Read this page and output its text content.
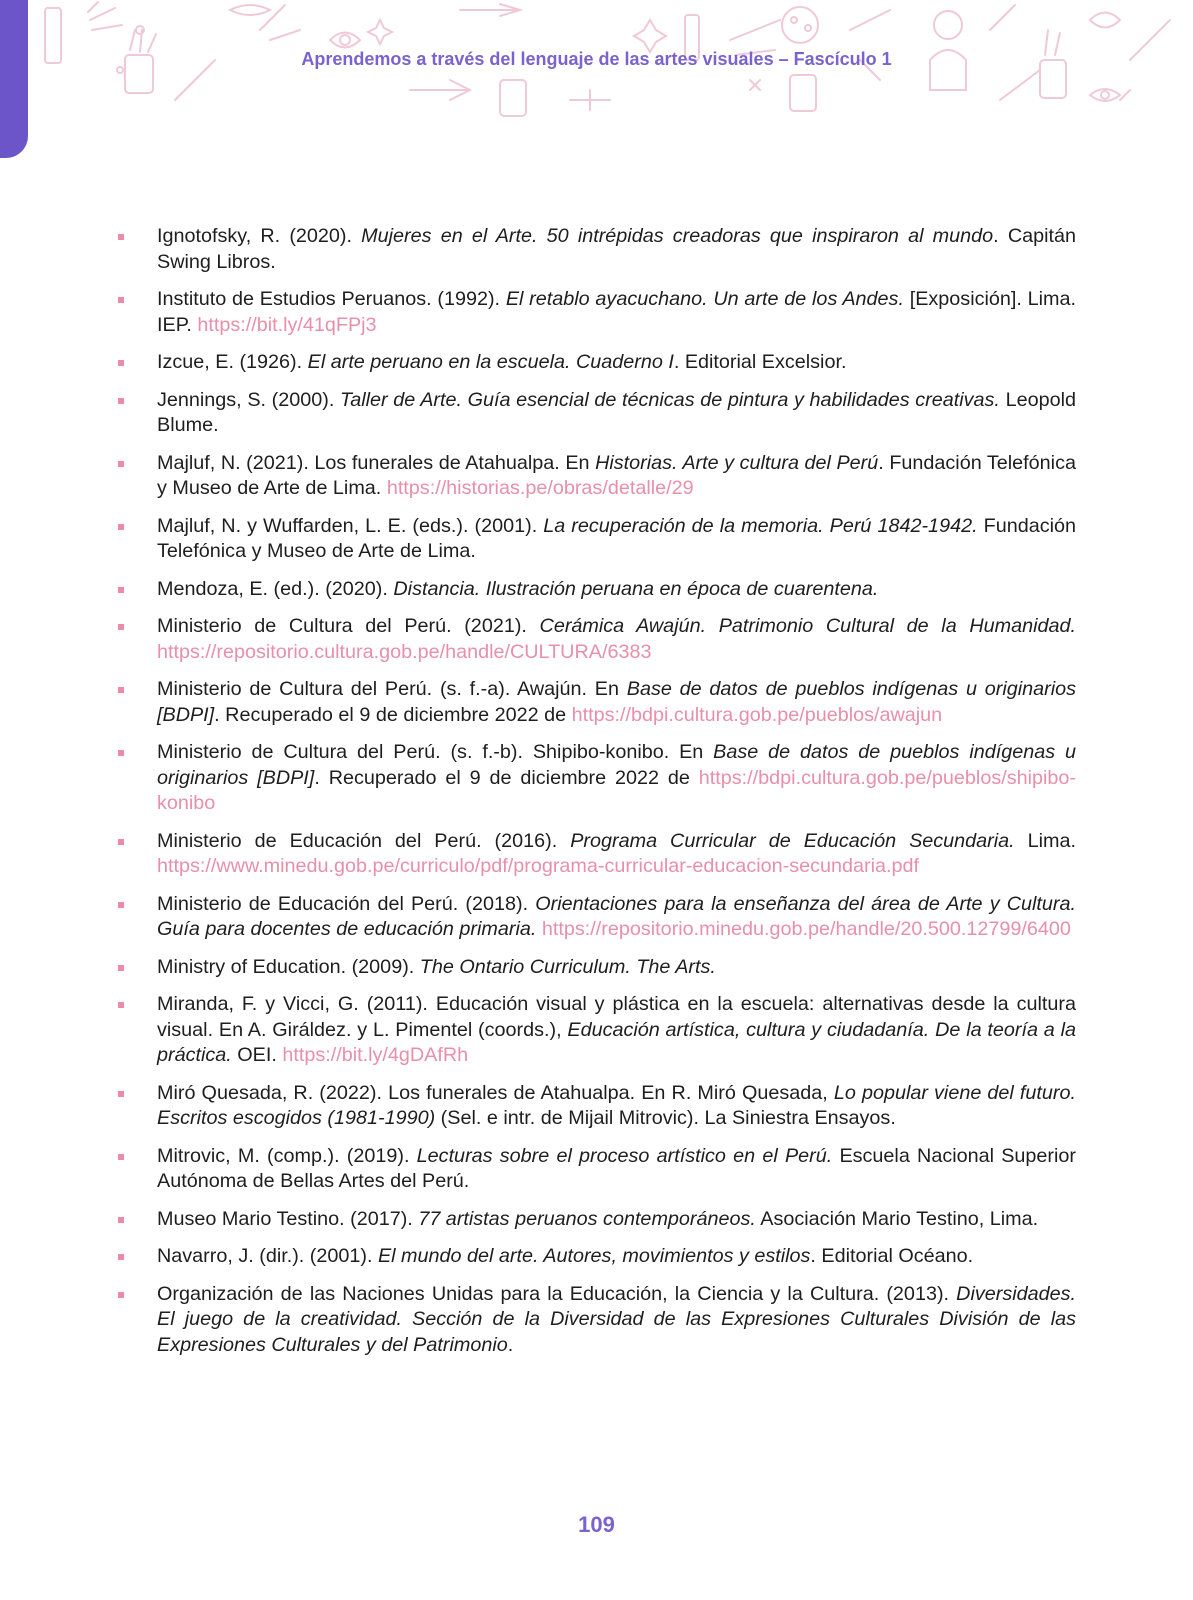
Aprendemos a través del lenguaje de las artes visuales – Fascículo 1
Ignotofsky, R. (2020). Mujeres en el Arte. 50 intrépidas creadoras que inspiraron al mundo. Capitán Swing Libros.
Instituto de Estudios Peruanos. (1992). El retablo ayacuchano. Un arte de los Andes. [Exposición]. Lima. IEP. https://bit.ly/41qFPj3
Izcue, E. (1926). El arte peruano en la escuela. Cuaderno I. Editorial Excelsior.
Jennings, S. (2000). Taller de Arte. Guía esencial de técnicas de pintura y habilidades creativas. Leopold Blume.
Majluf, N. (2021). Los funerales de Atahualpa. En Historias. Arte y cultura del Perú. Fundación Telefónica y Museo de Arte de Lima. https://historias.pe/obras/detalle/29
Majluf, N. y Wuffarden, L. E. (eds.). (2001). La recuperación de la memoria. Perú 1842-1942. Fundación Telefónica y Museo de Arte de Lima.
Mendoza, E. (ed.). (2020). Distancia. Ilustración peruana en época de cuarentena.
Ministerio de Cultura del Perú. (2021). Cerámica Awajún. Patrimonio Cultural de la Humanidad. https://repositorio.cultura.gob.pe/handle/CULTURA/6383
Ministerio de Cultura del Perú. (s. f.-a). Awajún. En Base de datos de pueblos indígenas u originarios [BDPI]. Recuperado el 9 de diciembre 2022 de https://bdpi.cultura.gob.pe/pueblos/awajun
Ministerio de Cultura del Perú. (s. f.-b). Shipibo-konibo. En Base de datos de pueblos indígenas u originarios [BDPI]. Recuperado el 9 de diciembre 2022 de https://bdpi.cultura.gob.pe/pueblos/shipibo-konibo
Ministerio de Educación del Perú. (2016). Programa Curricular de Educación Secundaria. Lima. https://www.minedu.gob.pe/curriculo/pdf/programa-curricular-educacion-secundaria.pdf
Ministerio de Educación del Perú. (2018). Orientaciones para la enseñanza del área de Arte y Cultura. Guía para docentes de educación primaria. https://repositorio.minedu.gob.pe/handle/20.500.12799/6400
Ministry of Education. (2009). The Ontario Curriculum. The Arts.
Miranda, F. y Vicci, G. (2011). Educación visual y plástica en la escuela: alternativas desde la cultura visual. En A. Giráldez. y L. Pimentel (coords.), Educación artística, cultura y ciudadanía. De la teoría a la práctica. OEI. https://bit.ly/4gDAfRh
Miró Quesada, R. (2022). Los funerales de Atahualpa. En R. Miró Quesada, Lo popular viene del futuro. Escritos escogidos (1981-1990) (Sel. e intr. de Mijail Mitrovic). La Siniestra Ensayos.
Mitrovic, M. (comp.). (2019). Lecturas sobre el proceso artístico en el Perú. Escuela Nacional Superior Autónoma de Bellas Artes del Perú.
Museo Mario Testino. (2017). 77 artistas peruanos contemporáneos. Asociación Mario Testino, Lima.
Navarro, J. (dir.). (2001). El mundo del arte. Autores, movimientos y estilos. Editorial Océano.
Organización de las Naciones Unidas para la Educación, la Ciencia y la Cultura. (2013). Diversidades. El juego de la creatividad. Sección de la Diversidad de las Expresiones Culturales División de las Expresiones Culturales y del Patrimonio.
109
